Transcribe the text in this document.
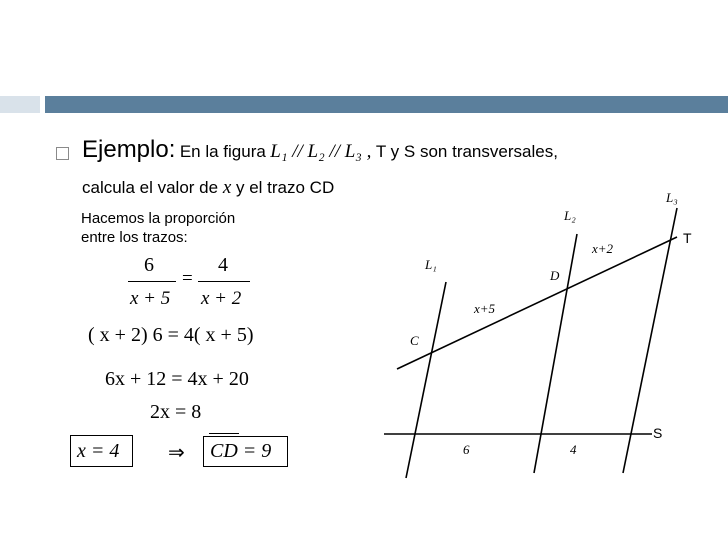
Ejemplo: En la figura L₁ // L₂ // L₃ , T y S son transversales,
calcula el valor de x y el trazo CD
Hacemos la proporción
entre los trazos:
6
x + 5
=
4
x + 2
( x + 2) 6 = 4( x + 5)
6x + 12 = 4x + 20
2x = 8
x = 4 ⇒ CD = 9
L₁
L₂
L₃
T
S
C
D
x+5
x+2
6	4
